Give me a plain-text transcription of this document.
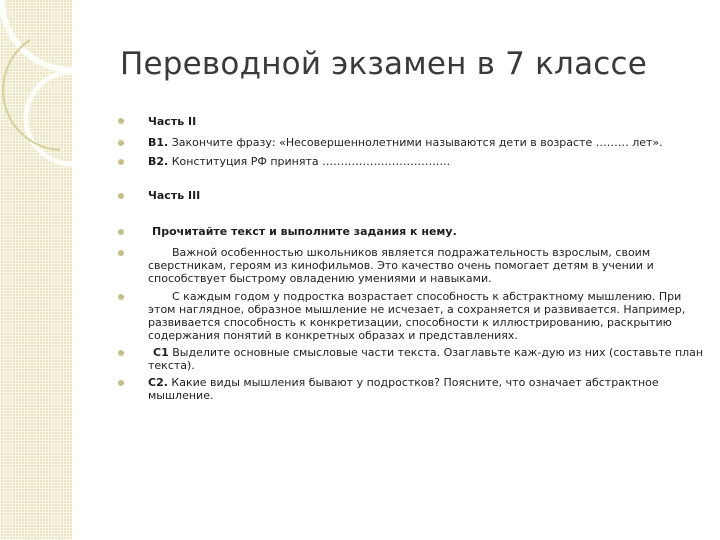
Переводной экзамен в 7 классе
Часть II
В1. Закончите фразу: «Несовершеннолетними называются дети в возрасте ……… лет».
В2. Конституция РФ принята ……………………………..
Часть III
Прочитайте текст и выполните задания к нему.
Важной особенностью школьников является подражательность взрослым, своим сверстникам, героям из кинофильмов. Это качество очень помогает детям в учении и способствует быстрому овладению умениями и навыками.
С каждым годом у подростка возрастает способность к абстрактному мышлению. При этом наглядное, образное мышление не исчезает, а сохраняется и развивается. Например, развивается способность к конкретизации, способности к иллюстрированию, раскрытию содержания понятий в конкретных образах и представлениях.
С1 Выделите основные смысловые части текста. Озаглавьте каж-дую из них (составьте план текста).
С2. Какие виды мышления бывают у подростков? Поясните, что означает абстрактное мышление.
